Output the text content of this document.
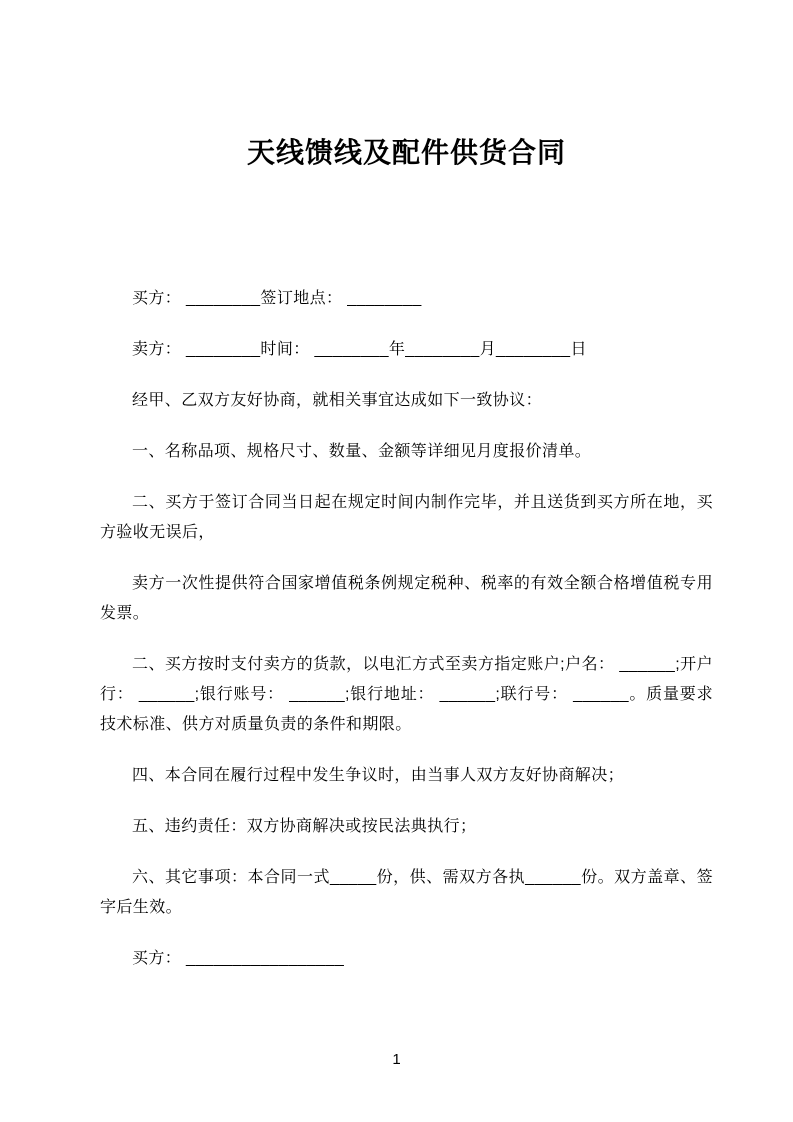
天线馈线及配件供货合同

买方： ________签订地点： ________

卖方： ________时间： ________年________月________日

经甲、乙双方友好协商，就相关事宜达成如下一致协议：

一、名称品项、规格尺寸、数量、金额等详细见月度报价清单。

二、买方于签订合同当日起在规定时间内制作完毕，并且送货到买方所在地，买方验收无误后，

卖方一次性提供符合国家增值税条例规定税种、税率的有效全额合格增值税专用发票。

二、买方按时支付卖方的货款，以电汇方式至卖方指定账户;户名： ______;开户行： ______;银行账号： ______;银行地址： ______;联行号： ______。质量要求技术标准、供方对质量负责的条件和期限。

四、本合同在履行过程中发生争议时，由当事人双方友好协商解决；

五、违约责任：双方协商解决或按民法典执行；

六、其它事项：本合同一式_____份，供、需双方各执______份。双方盖章、签字后生效。

买方： _________________

1
